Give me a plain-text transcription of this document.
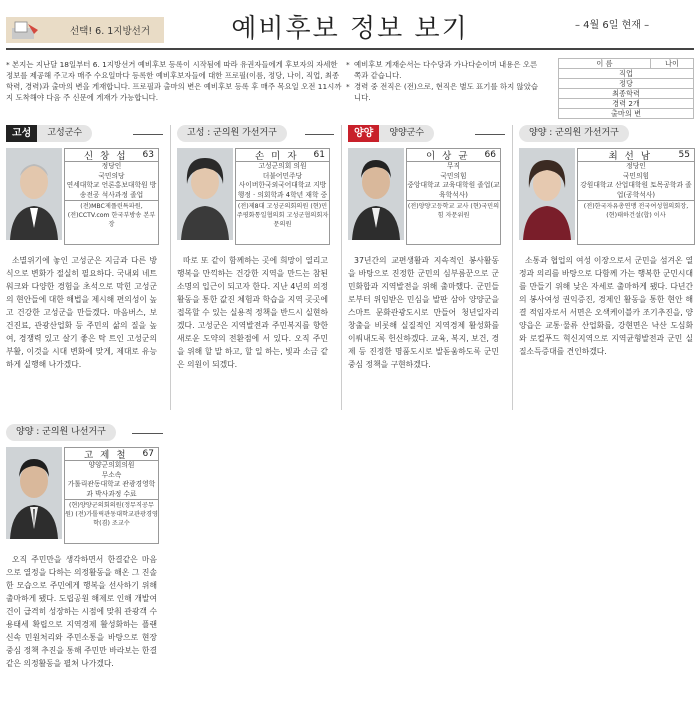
선택! 6. 1지방선거	예비후보 정보 보기	– 4월 6일 현재 –
* 본지는 지난달 18일부터 6. 1지방선거 예비후보 등록이 시작됨에 따라 유권자들에게 후보자의 자세한 정보를 제공해 주고자 매주 수요일마다 등록한 예비후보자들에 대한 프로필(이름, 정당, 나이, 직업, 최종학력, 경력)과 출마의 변을 게재합니다. 프로필과 출마의 변은 예비후보 등록 후 매주 목요일 오전 11시까지 도착해야 다음 주 신문에 게재가 가능합니다.
* 예비후보 게재순서는 다수당과 가나다순이며 내용은 오른쪽과 같습니다.
* 경력 중 전직은 (전)으로, 현직은 별도 표기를 하지 않았습니다.
이 름	나이
직업
정당
최종학력
경력 2개
출마의 변
고성 고성군수	고성 : 군의원 가선거구	양양 양양군수	양양 : 군의원 가선거구
양양 : 군의원 나선거구
신 창 섭	63
정당인
국민의당
연세대학교 언론홍보대학원 방송전공 석사과정 졸업
(전)MBC제플린특파원, (전)CCTV.com 한국부방송 본부장
소멸위기에 놓인 고성군은 지금과 다른 방식으로 변화가 절실히 필요하다. 국내외 네트워크와 다양한 경험을 초석으로 막힌 고성군의 현안들에 대한 해법을 제시해 편의성이 높고 건강한 고성군을 만들겠다. 마음버스, 보건진료, 관광산업화 등 주민의 삶의 질을 높여, 경쟁력 있고 살기 좋은 탁 트인 고성군의 부활, 이것을 시대 변화에 맞게, 제대로 유능하게 실행해 나가겠다.
손 미 자	61
고성군의회 의원
더불어민주당
사이버한국외국어대학교 지방행정 · 의회학과 4학년 재학 중
(전)제8대 고성군의회의원 (현)민주평화통일협의회 고성군협의회자문의원
따로 또 같이 함께하는 곳에 희망이 열리고 행복을 만끽하는 건강한 지역을 만드는 참된 소명의 입근이 되고자 한다. 지난 4년의 의정활동을 통한 값진 체험과 학습을 지역 곳곳에 접목할 수 있는 실용적 정책을 반드시 실현하겠다. 고성군은 지역발전과 주민복지를 향한 새로운 도약의 전환점에 서 있다. 오직 주민을 위해 할 말 하고, 할 일 하는, 빛과 소금 같은 의원이 되겠다.
이 상 균	66
무직
국민의힘
중앙대학교 교육대학원 졸업(교육학석사)
(전)양양고등학교 교사 (현)국민의힘 자문위원
37년간의 교편생활과 지속적인 봉사활동을 바탕으로 진정한 군민의 심부름꾼으로 군민화합과 지역발전을 위해 출마했다. 군민들로부터 위임받은 민심을 발판 삼아 양양군을 스마트 문화관광도시로 만들어 청년일자리 창출을 비롯해 실질적인 지역경제 활성화를 이뤄내도록 헌신하겠다. 교육, 복지, 보건, 경제 등 진정한 명품도시로 발돋움하도록 군민중심 정책을 구현하겠다.
최 선 남	55
정당인
국민의힘
강원대학교 산업대학원 토목공학과 졸업(공학석사)
(전)한국자유총연맹 전국여성협의회장, (현)태하건설(합) 이사
소통과 협업의 여성 이장으로서 군민을 섬겨온 열정과 의리를 바탕으로 다함께 가는 행복한 군민시대를 만들기 위해 낮은 자세로 출마하게 됐다. 다년간의 봉사여성 권익증진, 경제인 활동을 통한 현안 해결 적임자로서 서면은 오색케이블카 조기추진을, 양양읍은 교통·물류 산업화를, 강현면은 낙산 도심화와 로컬푸드 혁신지역으로 지역균형발전과 군민 실질소득증대를 견인하겠다.
고 제 철	67
양양군의회의원
무소속
가톨릭관동대학교 관광경영학과 박사과정 수료
(현)양양군의회의원(정무직공무원) (전)가톨릭관동대학교관광경영학(겸) 조교수
오직 주민만을 생각하면서 한결같은 마음으로 열정을 다하는 의정활동을 해온 그 진솔한 모습으로 주민에게 행복을 선사하기 위해 출마하게 됐다. 도립공원 해제로 인해 개발여건이 급격히 성장하는 시점에 맞춰 관광객 수용태세 확립으로 지역경제 활성화하는 플랜 신속 민원처리와 주민소통을 바탕으로 현장중심 정책 추진을 통해 주민만 바라보는 한결같은 의정활동을 펼쳐 나가겠다.
